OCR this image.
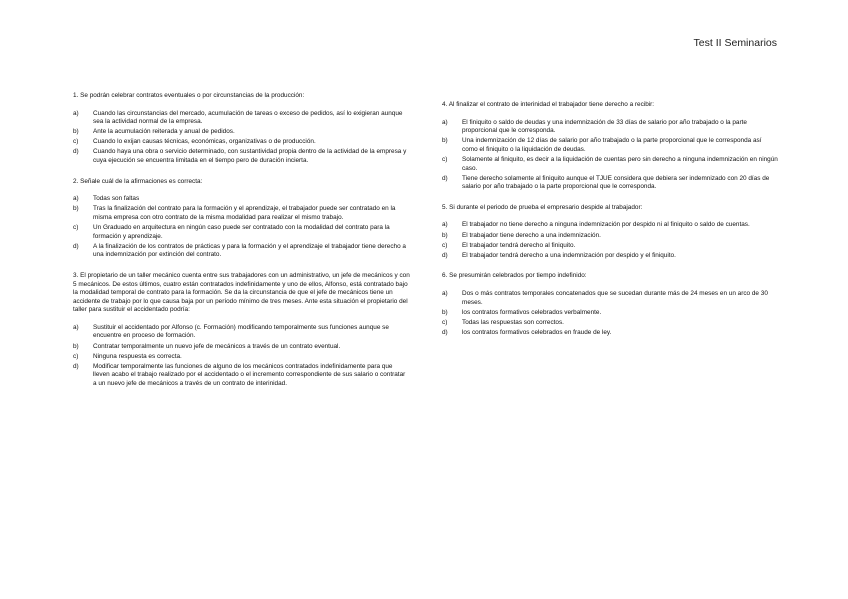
Test II Seminarios

1. Se podrán celebrar contratos eventuales o por circunstancias de la producción:

a)	Cuando las circunstancias del mercado, acumulación de tareas o exceso de pedidos, así lo exigieran aunque sea la actividad normal de la empresa.
b)	Ante la acumulación reiterada y anual de pedidos.
c)	Cuando lo exijan causas técnicas, económicas, organizativas o de producción.
d)	Cuando haya una obra o servicio determinado, con sustantividad propia dentro de la actividad de la empresa y cuya ejecución se encuentra limitada en el tiempo pero de duración incierta.

2. Señale cuál de la afirmaciones es correcta:

a)	Todas son faltas
b)	Tras la finalización del contrato para la formación y el aprendizaje, el trabajador puede ser contratado en la misma empresa con otro contrato de la misma modalidad para realizar el mismo trabajo.
c)	Un Graduado en arquitectura en ningún caso puede ser contratado con la modalidad del contrato para la formación y aprendizaje.
d)	A la finalización de los contratos de prácticas y para la formación y el aprendizaje el trabajador tiene derecho a una indemnización por extinción del contrato.

3. El propietario de un taller mecánico cuenta entre sus trabajadores con un administrativo, un jefe de mecánicos y con 5 mecánicos. De estos últimos, cuatro están contratados indefinidamente y uno de ellos, Alfonso, está contratado bajo la modalidad temporal de contrato para la formación. Se da la circunstancia de que el jefe de mecánicos tiene un accidente de trabajo por lo que causa baja por un período mínimo de tres meses. Ante esta situación el propietario del taller para sustituir el accidentado podría:

a)	Sustituir el accidentado por Alfonso (c. Formación) modificando temporalmente sus funciones aunque se encuentre en proceso de formación.
b)	Contratar temporalmente un nuevo jefe de mecánicos a través de un contrato eventual.
c)	Ninguna respuesta es correcta.
d)	Modificar temporalmente las funciones de alguno de los mecánicos contratados indefinidamente para que lleven acabo el trabajo realizado por el accidentado o el incremento correspondiente de sus salario o contratar a un nuevo jefe de mecánicos a través de un contrato de interinidad.

4. Al finalizar el contrato de interinidad el trabajador tiene derecho a recibir:

a)	El finiquito o saldo de deudas y una indemnización de 33 días de salario por año trabajado o la parte proporcional que le corresponda.
b)	Una indemnización de 12 días de salario por año trabajado o la parte proporcional que le corresponda así como el finiquito o la liquidación de deudas.
c)	Solamente al finiquito, es decir a la liquidación de cuentas pero sin derecho a ninguna indemnización en ningún caso.
d)	Tiene derecho solamente al finiquito aunque el TJUE considera que debiera ser indemnizado con 20 días de salario por año trabajado o la parte proporcional que le corresponda.

5. Si durante el periodo de prueba el empresario despide al trabajador:

a)	El trabajador no tiene derecho a ninguna indemnización por despido ni al finiquito o saldo de cuentas.
b)	El trabajador tiene derecho a una indemnización.
c)	El trabajador tendrá derecho al finiquito.
d)	El trabajador tendrá derecho a una indemnización por despido y el finiquito.

6. Se presumirán celebrados por tiempo indefinido:

a)	Dos o más contratos temporales concatenados que se sucedan durante más de 24 meses en un arco de 30 meses.
b)	los contratos formativos celebrados verbalmente.
c)	Todas las respuestas son correctos.
d)	los contratos formativos celebrados en fraude de ley.
